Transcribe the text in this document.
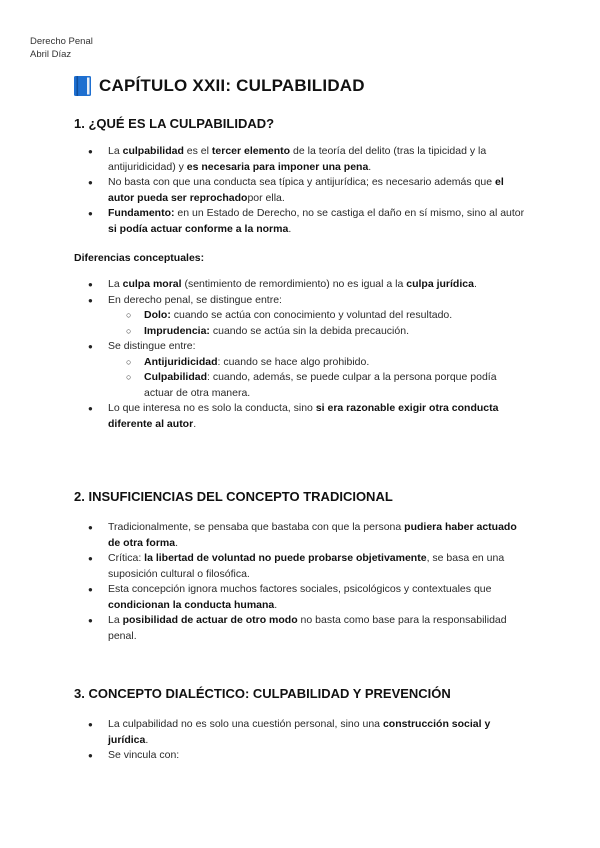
Derecho Penal
Abril Díaz
CAPÍTULO XXII: CULPABILIDAD
1. ¿QUÉ ES LA CULPABILIDAD?
● La culpabilidad es el tercer elemento de la teoría del delito (tras la tipicidad y la antijuridicidad) y es necesaria para imponer una pena.
● No basta con que una conducta sea típica y antijurídica; es necesario además que el autor pueda ser reprochadopor ella.
● Fundamento: en un Estado de Derecho, no se castiga el daño en sí mismo, sino al autor si podía actuar conforme a la norma.
Diferencias conceptuales:
● La culpa moral (sentimiento de remordimiento) no es igual a la culpa jurídica.
● En derecho penal, se distingue entre:
○ Dolo: cuando se actúa con conocimiento y voluntad del resultado.
○ Imprudencia: cuando se actúa sin la debida precaución.
● Se distingue entre:
○ Antijuridicidad: cuando se hace algo prohibido.
○ Culpabilidad: cuando, además, se puede culpar a la persona porque podía actuar de otra manera.
● Lo que interesa no es solo la conducta, sino si era razonable exigir otra conducta diferente al autor.
2. INSUFICIENCIAS DEL CONCEPTO TRADICIONAL
● Tradicionalmente, se pensaba que bastaba con que la persona pudiera haber actuado de otra forma.
● Crítica: la libertad de voluntad no puede probarse objetivamente, se basa en una suposición cultural o filosófica.
● Esta concepción ignora muchos factores sociales, psicológicos y contextuales que condicionan la conducta humana.
● La posibilidad de actuar de otro modo no basta como base para la responsabilidad penal.
3. CONCEPTO DIALÉCTICO: CULPABILIDAD Y PREVENCIÓN
● La culpabilidad no es solo una cuestión personal, sino una construcción social y jurídica.
● Se vincula con:
